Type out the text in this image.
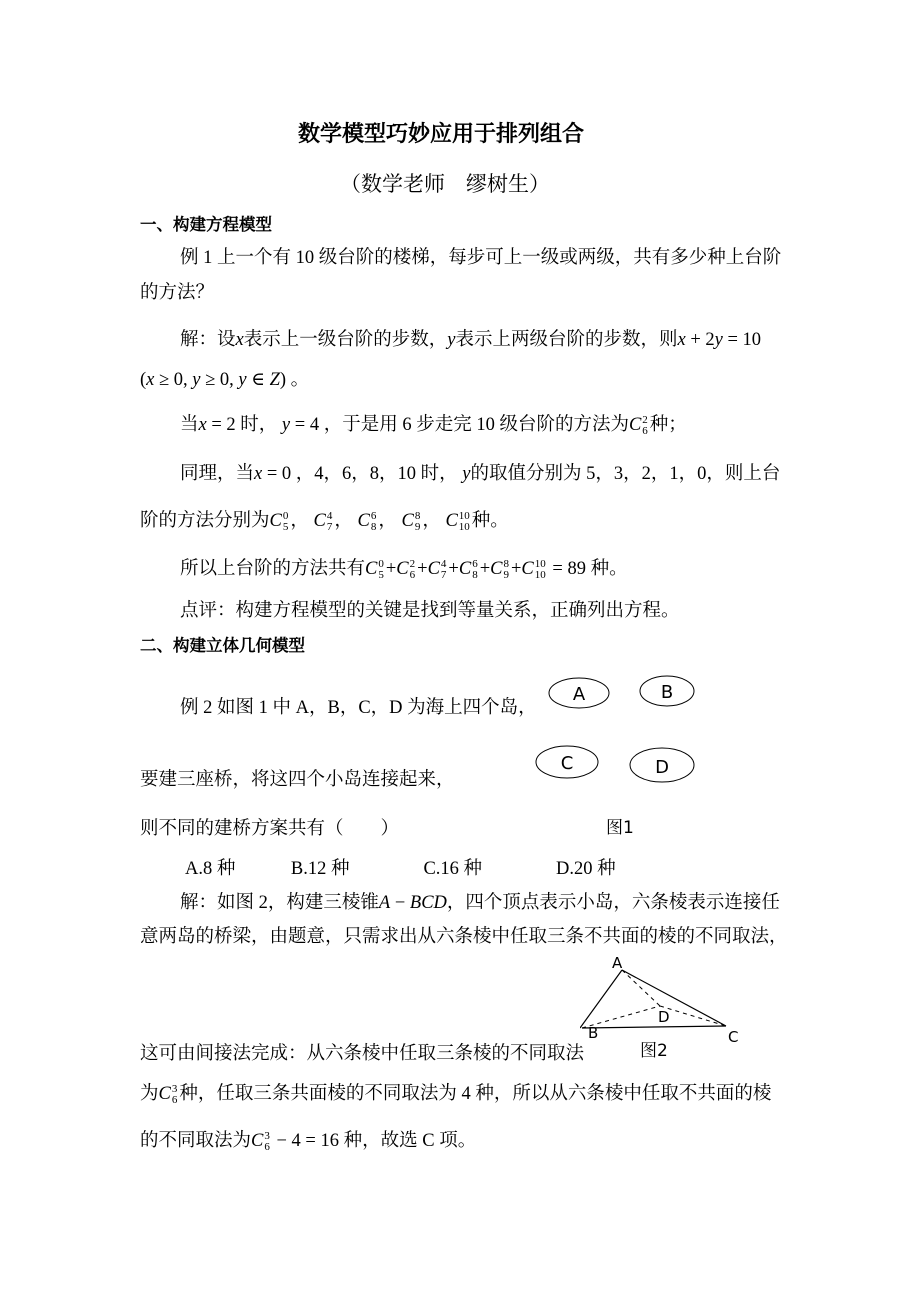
数学模型巧妙应用于排列组合
（数学老师　缪树生）
一、构建方程模型
二、构建立体几何模型
例 1 上一个有 10 级台阶的楼梯，每步可上一级或两级，共有多少种上台阶
的方法？
解：设x表示上一级台阶的步数，y表示上两级台阶的步数，则x + 2y = 10
(x ≥ 0, y ≥ 0, y ∈ Z) 。
当x = 2 时， y = 4 ，于是用 6 步走完 10 级台阶的方法为C 2
6 种；
同理，当x = 0 ，4，6，8，10 时， y的取值分别为 5，3，2，1，0，则上台
阶的方法分别为C 0
5 ， C 4
7 ， C 6
8 ， C 8
9 ， C 10
10 种。
所以上台阶的方法共有C 0
5 +C 2
6 +C 4
7 +C 6
8 +C 8
9 +C 10
10 = 89 种。
点评：构建方程模型的关键是找到等量关系，正确列出方程。
例 2 如图 1 中 A，B，C，D 为海上四个岛，
要建三座桥，将这四个小岛连接起来，
则不同的建桥方案共有（　　）
A.8 种　　　B.12 种　　　　C.16 种　　　　D.20 种
解：如图 2，构建三棱锥A − BCD，四个顶点表示小岛，六条棱表示连接任
意两岛的桥梁，由题意，只需求出从六条棱中任取三条不共面的棱的不同取法，
这可由间接法完成：从六条棱中任取三条棱的不同取法
为C 3
6 种，任取三条共面棱的不同取法为 4 种，所以从六条棱中任取不共面的棱
的不同取法为C 3
6 − 4 = 16 种，故选 C 项。
A	B
C	D
图1
A
B	C
D
图2
